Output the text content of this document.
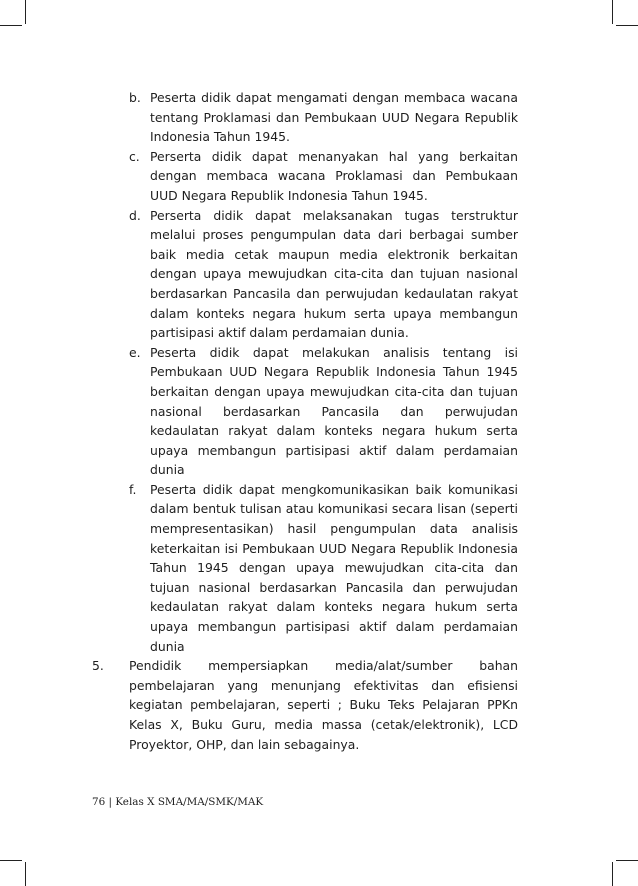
b. Peserta didik dapat mengamati dengan membaca wacana tentang Proklamasi dan Pembukaan UUD Negara Republik Indonesia Tahun 1945.
c. Perserta didik dapat menanyakan hal yang berkaitan dengan membaca wacana Proklamasi dan Pembukaan UUD Negara Republik Indonesia Tahun 1945.
d. Perserta didik dapat melaksanakan tugas terstruktur melalui proses pengumpulan data dari berbagai sumber baik media cetak maupun media elektronik berkaitan dengan upaya mewujudkan cita-cita dan tujuan nasional berdasarkan Pancasila dan perwujudan kedaulatan rakyat dalam konteks negara hukum serta upaya membangun partisipasi aktif dalam perdamaian dunia.
e. Peserta didik dapat melakukan analisis tentang isi Pembukaan UUD Negara Republik Indonesia Tahun 1945 berkaitan dengan upaya mewujudkan cita-cita dan tujuan nasional berdasarkan Pancasila dan perwujudan kedaulatan rakyat dalam konteks negara hukum serta upaya membangun partisipasi aktif dalam perdamaian dunia
f.	Peserta didik dapat mengkomunikasikan baik komunikasi dalam bentuk tulisan atau komunikasi secara lisan (seperti mempresentasikan) hasil pengumpulan data analisis keterkaitan isi Pembukaan UUD Negara Republik Indonesia Tahun 1945 dengan upaya mewujudkan cita-cita dan tujuan nasional berdasarkan Pancasila dan perwujudan kedaulatan rakyat dalam konteks negara hukum serta upaya membangun partisipasi aktif dalam perdamaian dunia
5.	Pendidik mempersiapkan media/alat/sumber bahan pembelajaran yang menunjang efektivitas dan efisiensi kegiatan pembelajaran, seperti ; Buku Teks Pelajaran PPKn Kelas X, Buku Guru, media massa (cetak/elektronik), LCD Proyektor, OHP, dan lain sebagainya.
76 | Kelas X SMA/MA/SMK/MAK
